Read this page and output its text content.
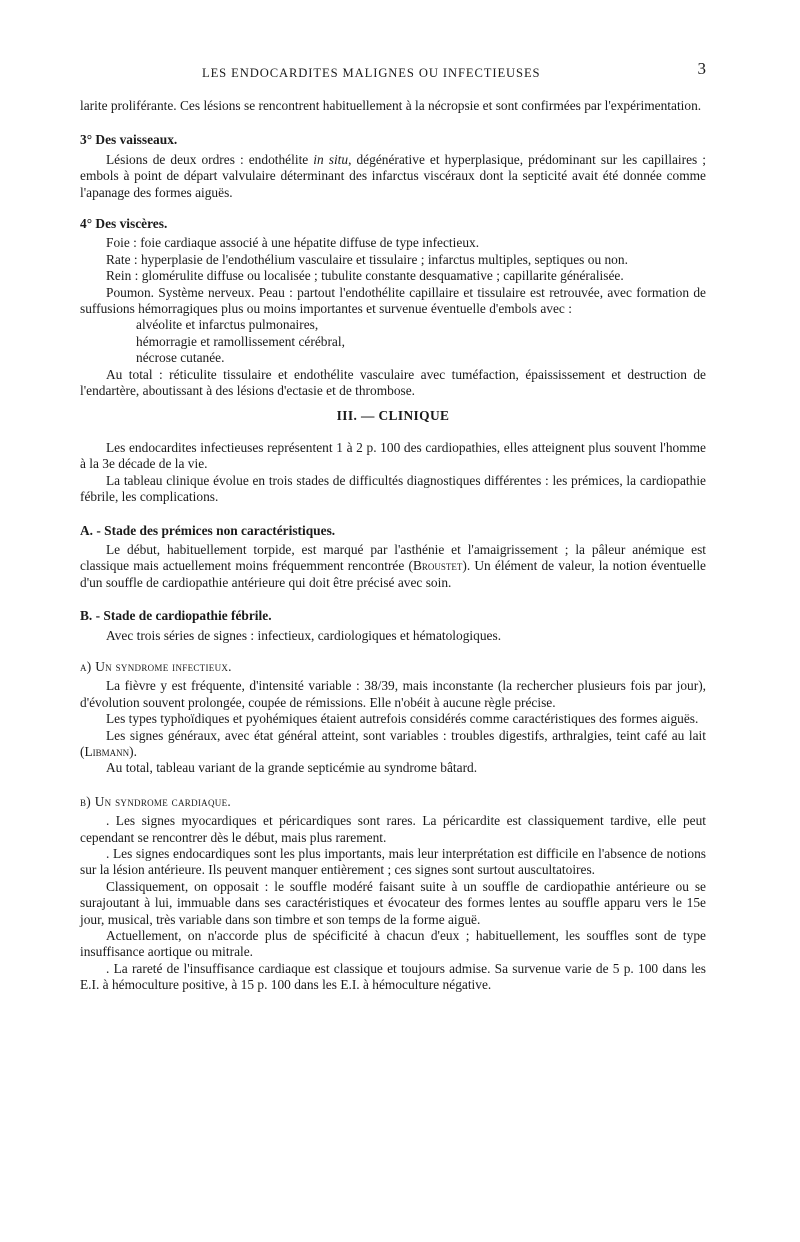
LES ENDOCARDITES MALIGNES OU INFECTIEUSES	3

larite proliférante. Ces lésions se rencontrent habituellement à la nécropsie et sont confirmées par l'expérimentation.

3° Des vaisseaux.

Lésions de deux ordres : endothélite in situ, dégénérative et hyperplasique, prédominant sur les capillaires ; embols à point de départ valvulaire déterminant des infarctus viscéraux dont la septicité avait été donnée comme l'apanage des formes aiguës.

4° Des viscères.

Foie : foie cardiaque associé à une hépatite diffuse de type infectieux.

Rate : hyperplasie de l'endothélium vasculaire et tissulaire ; infarctus multiples, septiques ou non.

Rein : glomérulite diffuse ou localisée ; tubulite constante desquamative ; capillarite généralisée.

Poumon. Système nerveux. Peau : partout l'endothélite capillaire et tissulaire est retrouvée, avec formation de suffusions hémorragiques plus ou moins importantes et survenue éventuelle d'embols avec :

alvéolite et infarctus pulmonaires,

hémorragie et ramollissement cérébral,

nécrose cutanée.

Au total : réticulite tissulaire et endothélite vasculaire avec tuméfaction, épaississement et destruction de l'endartère, aboutissant à des lésions d'ectasie et de thrombose.

III. — CLINIQUE

Les endocardites infectieuses représentent 1 à 2 p. 100 des cardiopathies, elles atteignent plus souvent l'homme à la 3e décade de la vie.

La tableau clinique évolue en trois stades de difficultés diagnostiques différentes : les prémices, la cardiopathie fébrile, les complications.

A. - Stade des prémices non caractéristiques.

Le début, habituellement torpide, est marqué par l'asthénie et l'amaigrissement ; la pâleur anémique est classique mais actuellement moins fréquemment rencontrée (Broustet). Un élément de valeur, la notion éventuelle d'un souffle de cardiopathie antérieure qui doit être précisé avec soin.

B. - Stade de cardiopathie fébrile.

Avec trois séries de signes : infectieux, cardiologiques et hématologiques.

a) Un syndrome infectieux.

La fièvre y est fréquente, d'intensité variable : 38/39, mais inconstante (la rechercher plusieurs fois par jour), d'évolution souvent prolongée, coupée de rémissions. Elle n'obéit à aucune règle précise.

Les types typhoïdiques et pyohémiques étaient autrefois considérés comme caractéristiques des formes aiguës.

Les signes généraux, avec état général atteint, sont variables : troubles digestifs, arthralgies, teint café au lait (Libmann).

Au total, tableau variant de la grande septicémie au syndrome bâtard.

b) Un syndrome cardiaque.

. Les signes myocardiques et péricardiques sont rares. La péricardite est classiquement tardive, elle peut cependant se rencontrer dès le début, mais plus rarement.

. Les signes endocardiques sont les plus importants, mais leur interprétation est difficile en l'absence de notions sur la lésion antérieure. Ils peuvent manquer entièrement ; ces signes sont surtout auscultatoires.

Classiquement, on opposait : le souffle modéré faisant suite à un souffle de cardiopathie antérieure ou se surajoutant à lui, immuable dans ses caractéristiques et évocateur des formes lentes au souffle apparu vers le 15e jour, musical, très variable dans son timbre et son temps de la forme aiguë.

Actuellement, on n'accorde plus de spécificité à chacun d'eux ; habituellement, les souffles sont de type insuffisance aortique ou mitrale.

. La rareté de l'insuffisance cardiaque est classique et toujours admise. Sa survenue varie de 5 p. 100 dans les E.I. à hémoculture positive, à 15 p. 100 dans les E.I. à hémoculture négative.
